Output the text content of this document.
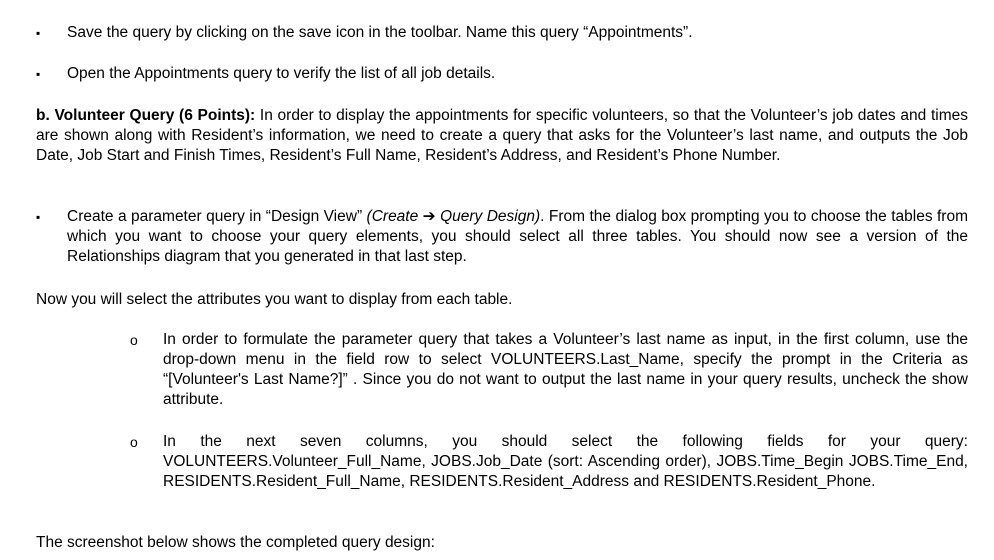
▪	Save the query by clicking on the save icon in the toolbar. Name this query “Appointments”.
▪	Open the Appointments query to verify the list of all job details.
b. Volunteer Query (6 Points): In order to display the appointments for specific volunteers, so that the Volunteer’s job dates and times are shown along with Resident’s information, we need to create a query that asks for the Volunteer’s last name, and outputs the Job Date, Job Start and Finish Times, Resident’s Full Name, Resident’s Address, and Resident’s Phone Number.
▪	Create a parameter query in “Design View” (Create ➔ Query Design). From the dialog box prompting you to choose the tables from which you want to choose your query elements, you should select all three tables. You should now see a version of the Relationships diagram that you generated in that last step.
Now you will select the attributes you want to display from each table.
o	In order to formulate the parameter query that takes a Volunteer’s last name as input, in the first column, use the drop-down menu in the field row to select VOLUNTEERS.Last_Name, specify the prompt in the Criteria as “[Volunteer's Last Name?]” . Since you do not want to output the last name in your query results, uncheck the show attribute.
o	In the next seven columns, you should select the following fields for your query: VOLUNTEERS.Volunteer_Full_Name, JOBS.Job_Date (sort: Ascending order), JOBS.Time_Begin JOBS.Time_End, RESIDENTS.Resident_Full_Name, RESIDENTS.Resident_Address and RESIDENTS.Resident_Phone.
The screenshot below shows the completed query design:
